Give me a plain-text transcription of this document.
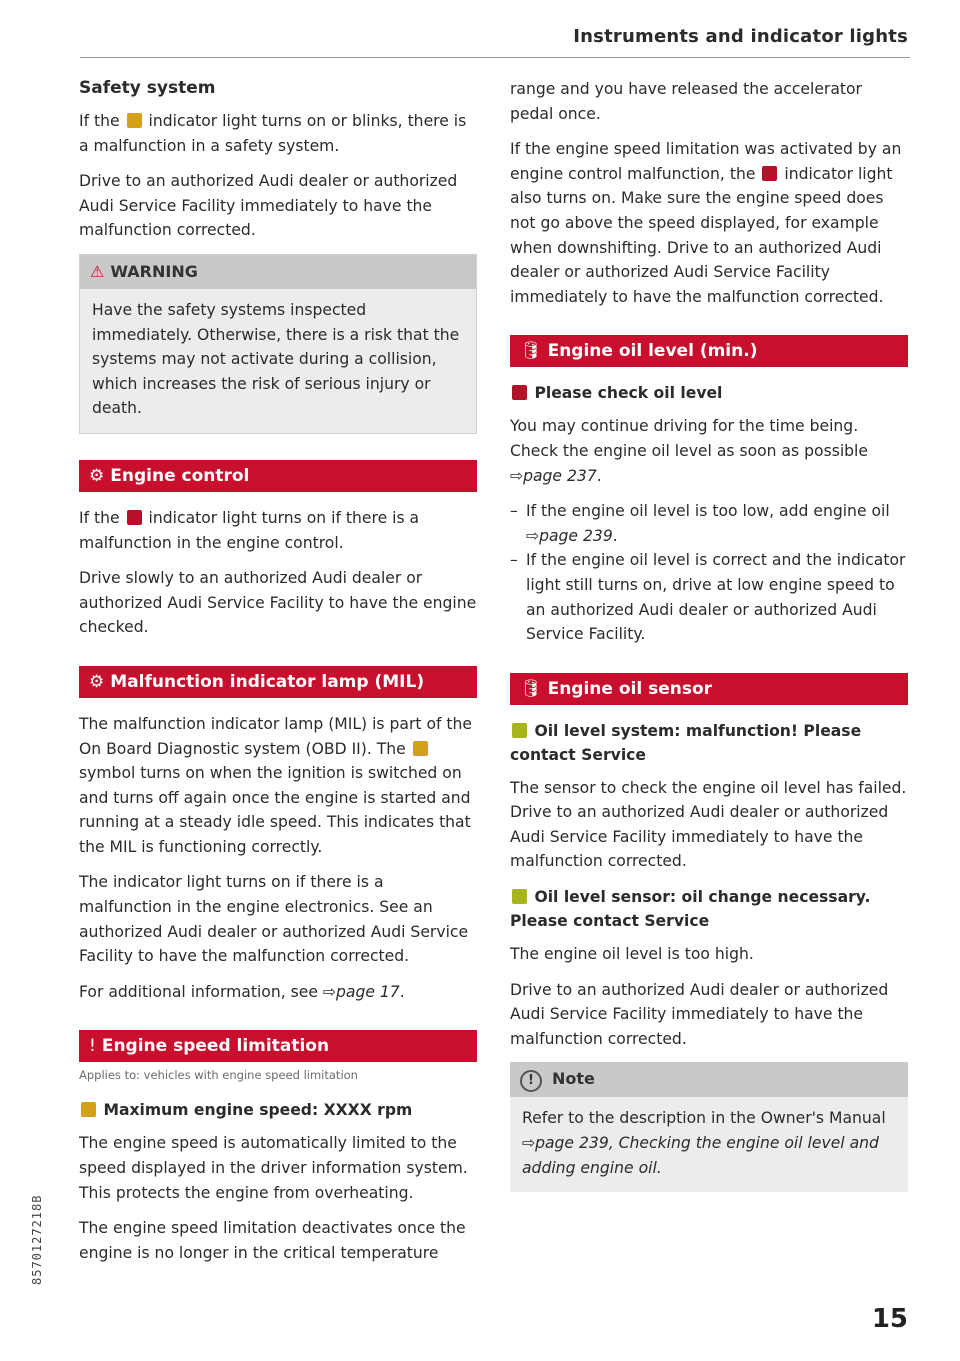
Instruments and indicator lights
Safety system

If the  indicator light turns on or blinks, there is a malfunction in a safety system.

Drive to an authorized Audi dealer or authorized Audi Service Facility immediately to have the malfunction corrected.

⚠ WARNING

Have the safety systems inspected immediately. Otherwise, there is a risk that the systems may not activate during a collision, which increases the risk of serious injury or death.

⚙ Engine control

If the  indicator light turns on if there is a malfunction in the engine control.

Drive slowly to an authorized Audi dealer or authorized Audi Service Facility to have the engine checked.

⚙ Malfunction indicator lamp (MIL)

The malfunction indicator lamp (MIL) is part of the On Board Diagnostic system (OBD II). The  symbol turns on when the ignition is switched on and turns off again once the engine is started and running at a steady idle speed. This indicates that the MIL is functioning correctly.

The indicator light turns on if there is a malfunction in the engine electronics. See an authorized Audi dealer or authorized Audi Service Facility to have the malfunction corrected.

For additional information, see ⇨page 17.

! Engine speed limitation
Applies to: vehicles with engine speed limitation
Maximum engine speed: XXXX rpm

The engine speed is automatically limited to the speed displayed in the driver information system. This protects the engine from overheating.

The engine speed limitation deactivates once the engine is no longer in the critical temperature

range and you have released the accelerator pedal once.

If the engine speed limitation was activated by an engine control malfunction, the  indicator light also turns on. Make sure the engine speed does not go above the speed displayed, for example when downshifting. Drive to an authorized Audi dealer or authorized Audi Service Facility immediately to have the malfunction corrected.

🛢 Engine oil level (min.)
Please check oil level

You may continue driving for the time being. Check the engine oil level as soon as possible ⇨page 237.

– If the engine oil level is too low, add engine oil ⇨page 239.
– If the engine oil level is correct and the indicator light still turns on, drive at low engine speed to an authorized Audi dealer or authorized Audi Service Facility.
🛢 Engine oil sensor
Oil level system: malfunction! Please contact Service

The sensor to check the engine oil level has failed. Drive to an authorized Audi dealer or authorized Audi Service Facility immediately to have the malfunction corrected.

Oil level sensor: oil change necessary. Please contact Service

The engine oil level is too high.

Drive to an authorized Audi dealer or authorized Audi Service Facility immediately to have the malfunction corrected.

! Note

Refer to the description in the Owner's Manual ⇨page 239, Checking the engine oil level and adding engine oil.

8570127218B
15
